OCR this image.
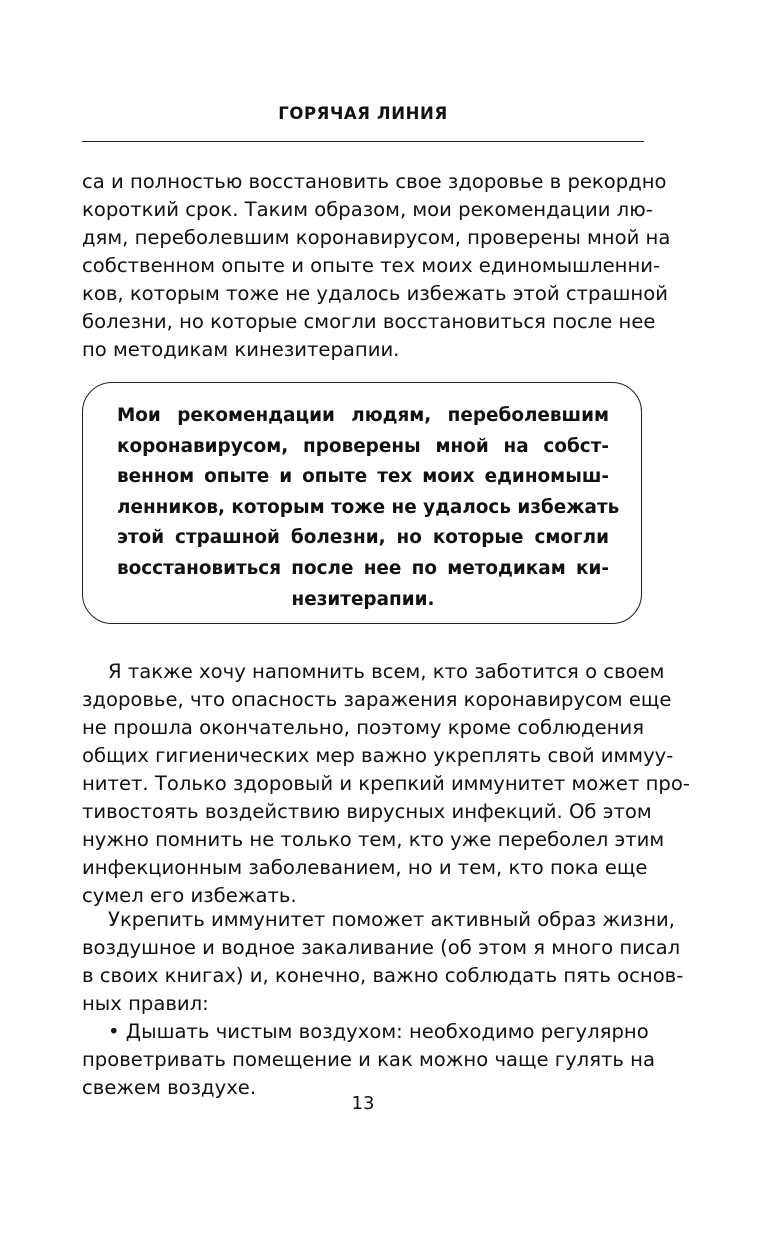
ГОРЯЧАЯ ЛИНИЯ
са и полностью восстановить свое здоровье в рекордно
короткий срок. Таким образом, мои рекомендации лю-
дям, переболевшим коронавирусом, проверены мной на
собственном опыте и опыте тех моих единомышленни-
ков, которым тоже не удалось избежать этой страшной
болезни, но которые смогли восстановиться после нее
по методикам кинезитерапии.
Мои рекомендации людям, переболевшим
коронавирусом, проверены мной на собст-
венном опыте и опыте тех моих единомыш-
ленников, которым тоже не удалось избежать
этой страшной болезни, но которые смогли
восстановиться после нее по методикам ки-
незитерапии.
Я также хочу напомнить всем, кто заботится о своем
здоровье, что опасность заражения коронавирусом еще
не прошла окончательно, поэтому кроме соблюдения
общих гигиенических мер важно укреплять свой иммуу-
нитет. Только здоровый и крепкий иммунитет может про-
тивостоять воздействию вирусных инфекций. Об этом
нужно помнить не только тем, кто уже переболел этим
инфекционным заболеванием, но и тем, кто пока еще
сумел его избежать.
Укрепить иммунитет поможет активный образ жизни,
воздушное и водное закаливание (об этом я много писал
в своих книгах) и, конечно, важно соблюдать пять основ-
ных правил:
• Дышать чистым воздухом: необходимо регулярно
проветривать помещение и как можно чаще гулять на
свежем воздухе.
13
